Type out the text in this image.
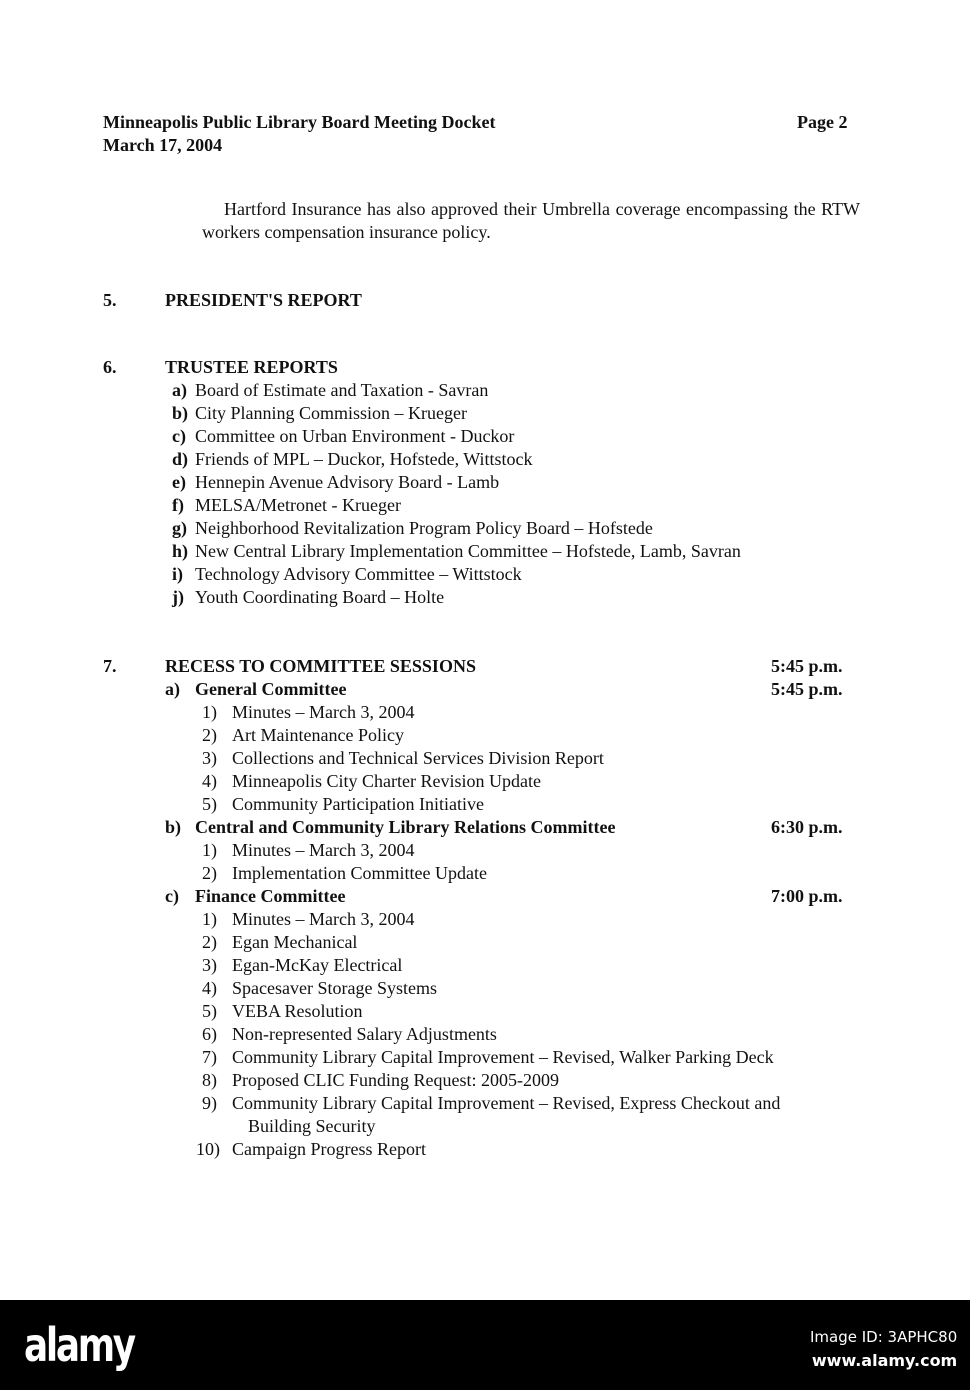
Minneapolis Public Library Board Meeting Docket
March 17, 2004
Page 2
Hartford Insurance has also approved their Umbrella coverage encompassing the RTW workers compensation insurance policy.
5.	PRESIDENT'S REPORT
6.	TRUSTEE REPORTS
a) Board of Estimate and Taxation - Savran
b) City Planning Commission – Krueger
c) Committee on Urban Environment - Duckor
d) Friends of MPL – Duckor, Hofstede, Wittstock
e) Hennepin Avenue Advisory Board - Lamb
f) MELSA/Metronet - Krueger
g) Neighborhood Revitalization Program Policy Board – Hofstede
h) New Central Library Implementation Committee – Hofstede, Lamb, Savran
i) Technology Advisory Committee – Wittstock
j) Youth Coordinating Board – Holte
7.	RECESS TO COMMITTEE SESSIONS	5:45 p.m.
a) General Committee	5:45 p.m.
1) Minutes – March 3, 2004
2) Art Maintenance Policy
3) Collections and Technical Services Division Report
4) Minneapolis City Charter Revision Update
5) Community Participation Initiative
b) Central and Community Library Relations Committee	6:30 p.m.
1) Minutes – March 3, 2004
2) Implementation Committee Update
c) Finance Committee	7:00 p.m.
1) Minutes – March 3, 2004
2) Egan Mechanical
3) Egan-McKay Electrical
4) Spacesaver Storage Systems
5) VEBA Resolution
6) Non-represented Salary Adjustments
7) Community Library Capital Improvement – Revised, Walker Parking Deck
8) Proposed CLIC Funding Request: 2005-2009
9) Community Library Capital Improvement – Revised, Express Checkout and
Building Security
10) Campaign Progress Report
alamy	Image ID: 3APHC80
www.alamy.com
